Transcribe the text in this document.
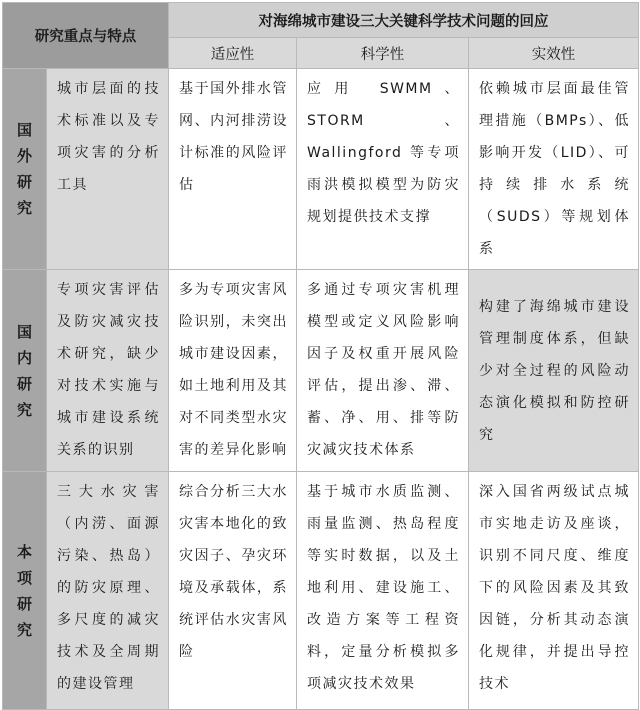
研究重点与特点		对海绵城市建设三大关键科学技术问题的回应		
		适应性	科学性	实效性

国
外
研
究	城市层面的技术标准以及专项灾害的分析工具	基于国外排水管网、内河排涝设计标准的风险评估	应用 SWMM、STORM、Wallingford 等专项雨洪模拟模型为防灾规划提供技术支撑	依赖城市层面最佳管理措施（BMPs）、低影响开发（LID）、可持续排水系统（SUDS）等规划体系

国
内
研
究	专项灾害评估及防灾减灾技术研究，缺少对技术实施与城市建设系统关系的识别	多为专项灾害风险识别，未突出城市建设因素，如土地利用及其对不同类型水灾害的差异化影响	多通过专项灾害机理模型或定义风险影响因子及权重开展风险评估，提出渗、滞、蓄、净、用、排等防灾减灾技术体系	构建了海绵城市建设管理制度体系，但缺少对全过程的风险动态演化模拟和防控研究

本
项
研
究	三大水灾害（内涝、面源污染、热岛）的防灾原理、多尺度的减灾技术及全周期的建设管理	综合分析三大水灾害本地化的致灾因子、孕灾环境及承载体，系统评估水灾害风险	基于城市水质监测、雨量监测、热岛程度等实时数据，以及土地利用、建设施工、改造方案等工程资料，定量分析模拟多项减灾技术效果	深入国省两级试点城市实地走访及座谈，识别不同尺度、维度下的风险因素及其致因链，分析其动态演化规律，并提出导控技术
